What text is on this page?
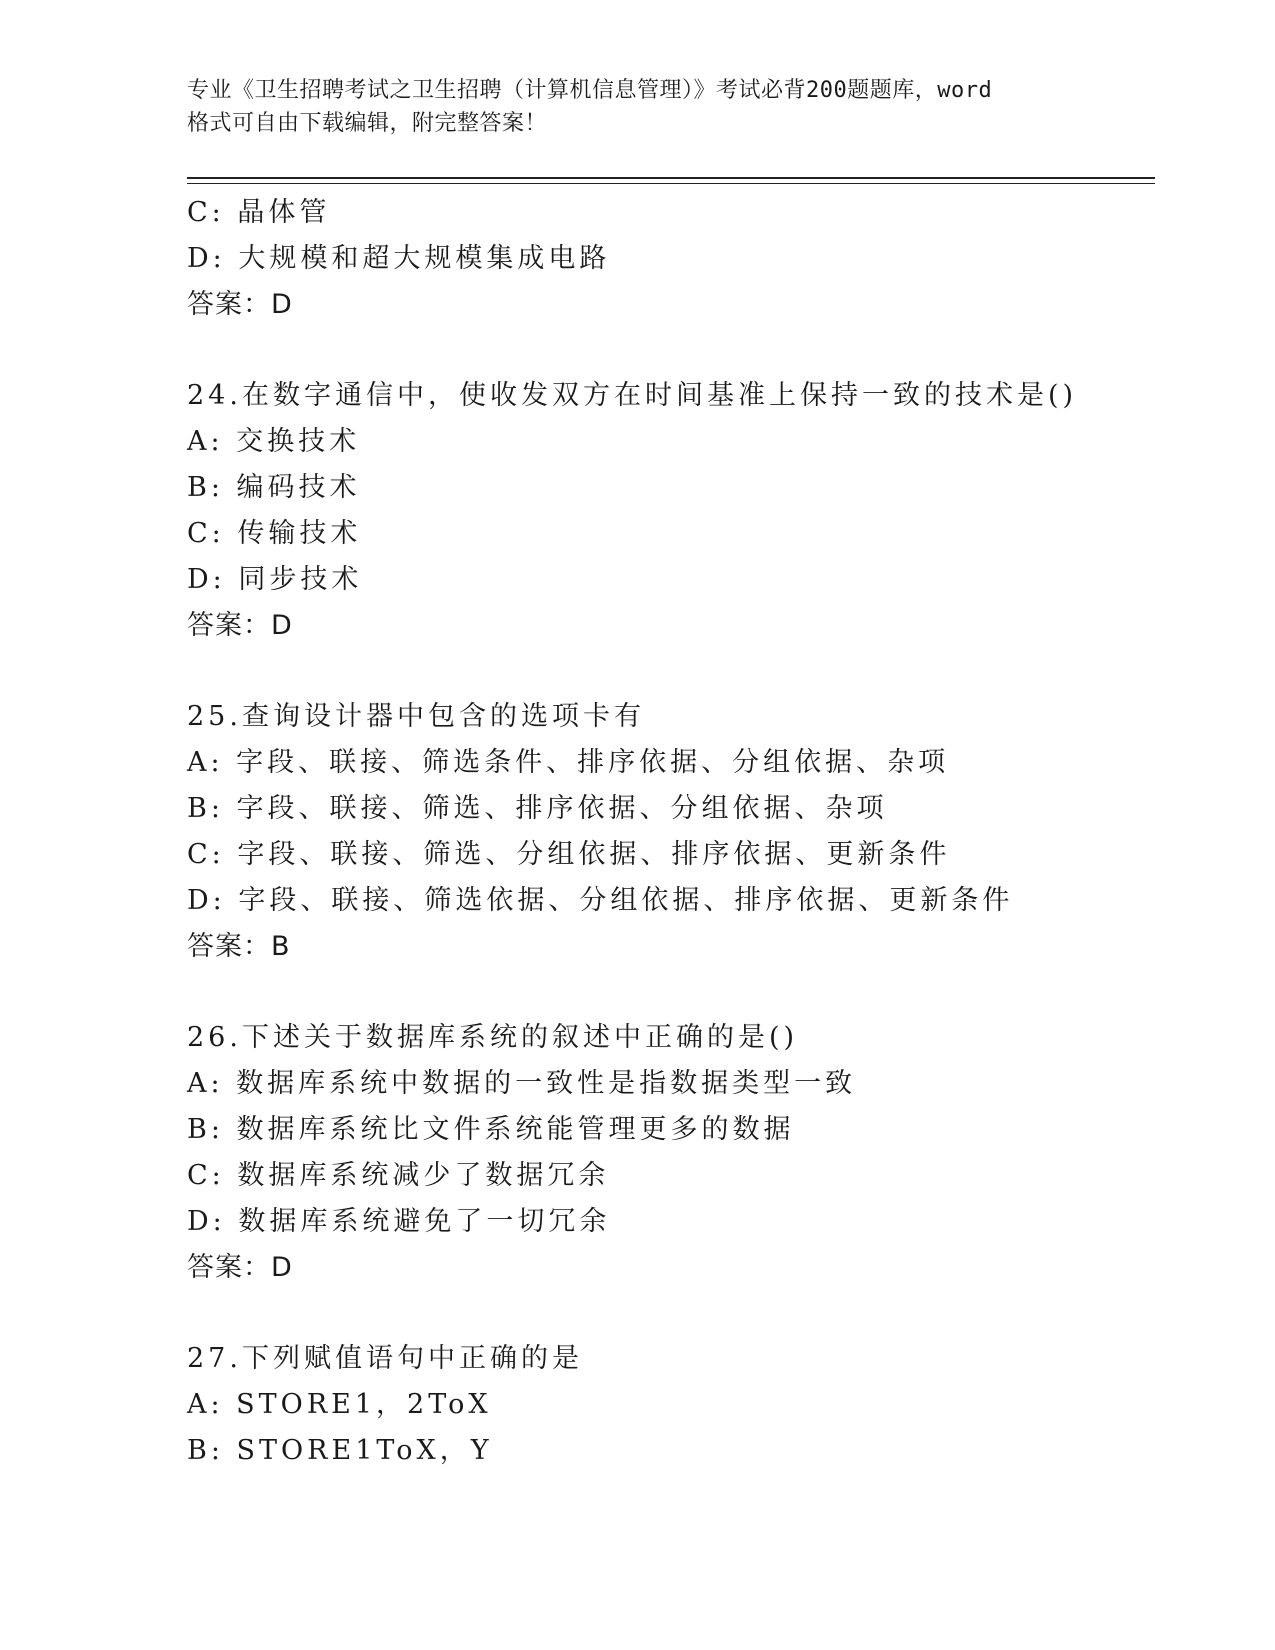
专业《卫生招聘考试之卫生招聘（计算机信息管理）》考试必背200题题库，word
格式可自由下载编辑，附完整答案！
C: 晶体管
D: 大规模和超大规模集成电路
答案：D
24.在数字通信中，使收发双方在时间基准上保持一致的技术是()
A: 交换技术
B: 编码技术
C: 传输技术
D: 同步技术
答案：D
25.查询设计器中包含的选项卡有
A: 字段、联接、筛选条件、排序依据、分组依据、杂项
B: 字段、联接、筛选、排序依据、分组依据、杂项
C: 字段、联接、筛选、分组依据、排序依据、更新条件
D: 字段、联接、筛选依据、分组依据、排序依据、更新条件
答案：B
26.下述关于数据库系统的叙述中正确的是()
A: 数据库系统中数据的一致性是指数据类型一致
B: 数据库系统比文件系统能管理更多的数据
C: 数据库系统减少了数据冗余
D: 数据库系统避免了一切冗余
答案：D
27.下列赋值语句中正确的是
A: STORE1，2ToX
B: STORE1ToX，Y
